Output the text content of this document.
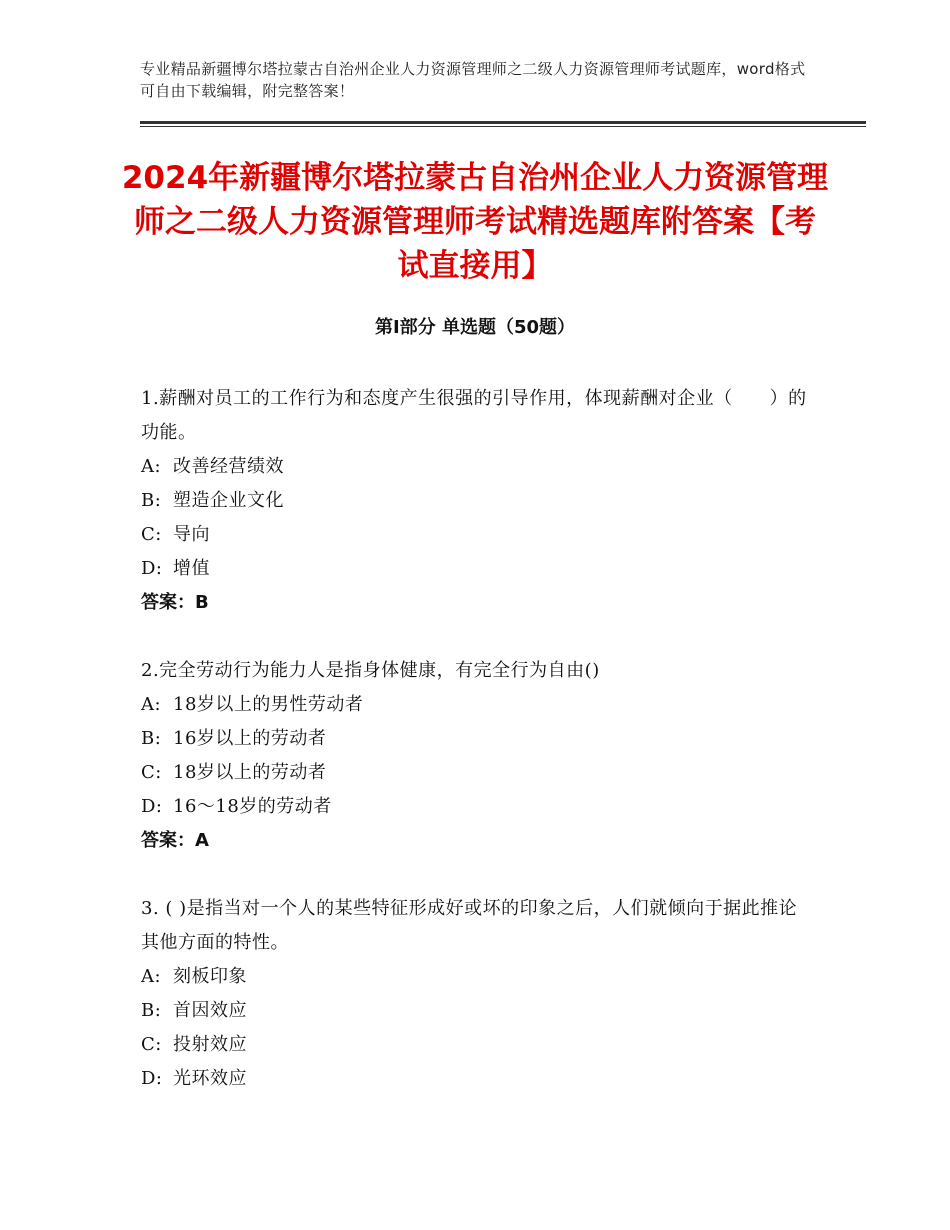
专业精品新疆博尔塔拉蒙古自治州企业人力资源管理师之二级人力资源管理师考试题库，word格式可自由下载编辑，附完整答案！
2024年新疆博尔塔拉蒙古自治州企业人力资源管理师之二级人力资源管理师考试精选题库附答案【考试直接用】
第I部分 单选题（50题）
1.薪酬对员工的工作行为和态度产生很强的引导作用，体现薪酬对企业（　　）的功能。
A: 改善经营绩效
B: 塑造企业文化
C: 导向
D: 增值
答案：B
2.完全劳动行为能力人是指身体健康，有完全行为自由()
A: 18岁以上的男性劳动者
B: 16岁以上的劳动者
C: 18岁以上的劳动者
D: 16～18岁的劳动者
答案：A
3. ( )是指当对一个人的某些特征形成好或坏的印象之后，人们就倾向于据此推论其他方面的特性。
A: 刻板印象
B: 首因效应
C: 投射效应
D: 光环效应
